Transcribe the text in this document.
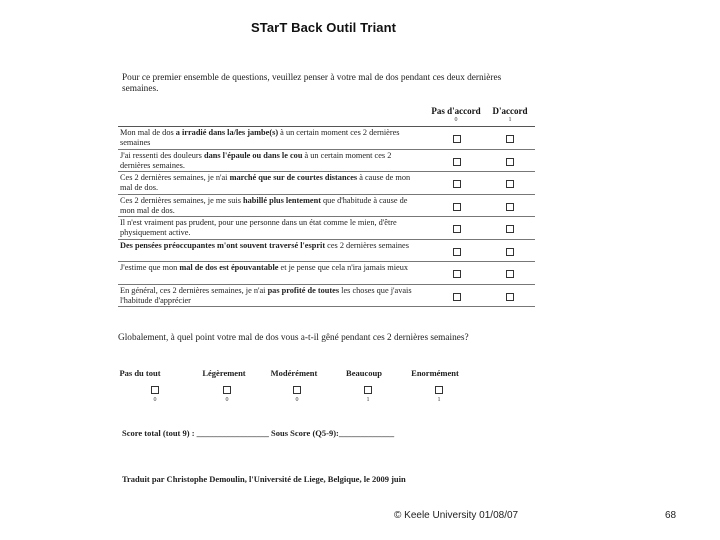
STarT Back Outil Triant
Pour ce premier ensemble de questions, veuillez penser à votre mal de dos pendant ces deux dernières semaines.
Pas d'accord	D'accord
0	1
Mon mal de dos a irradié dans la/les jambe(s) à un certain moment ces 2 dernières semaines
J'ai ressenti des douleurs dans l'épaule ou dans le cou à un certain moment ces 2 dernières semaines.
Ces 2 dernières semaines, je n'ai marché que sur de courtes distances à cause de mon mal de dos.
Ces 2 dernières semaines, je me suis habillé plus lentement que d'habitude à cause de mon mal de dos.
Il n'est vraiment pas prudent, pour une personne dans un état comme le mien, d'être physiquement active.
Des pensées préoccupantes m'ont souvent traversé l'esprit ces 2 dernières semaines
J'estime que mon mal de dos est épouvantable et je pense que cela n'ira jamais mieux
En général, ces 2 dernières semaines, je n'ai pas profité de toutes les choses que j'avais l'habitude d'apprécier
Globalement, à quel point votre mal de dos vous a-t-il gêné pendant ces 2 dernières semaines?
Pas du tout	Légèrement	Modérément	Beaucoup	Enormément
0	0	0	1	1
Score total (tout 9) : _________________ Sous Score (Q5-9):_____________
Traduit par Christophe Demoulin, l'Université de Liege, Belgique, le 2009 juin
© Keele University 01/08/07	68
